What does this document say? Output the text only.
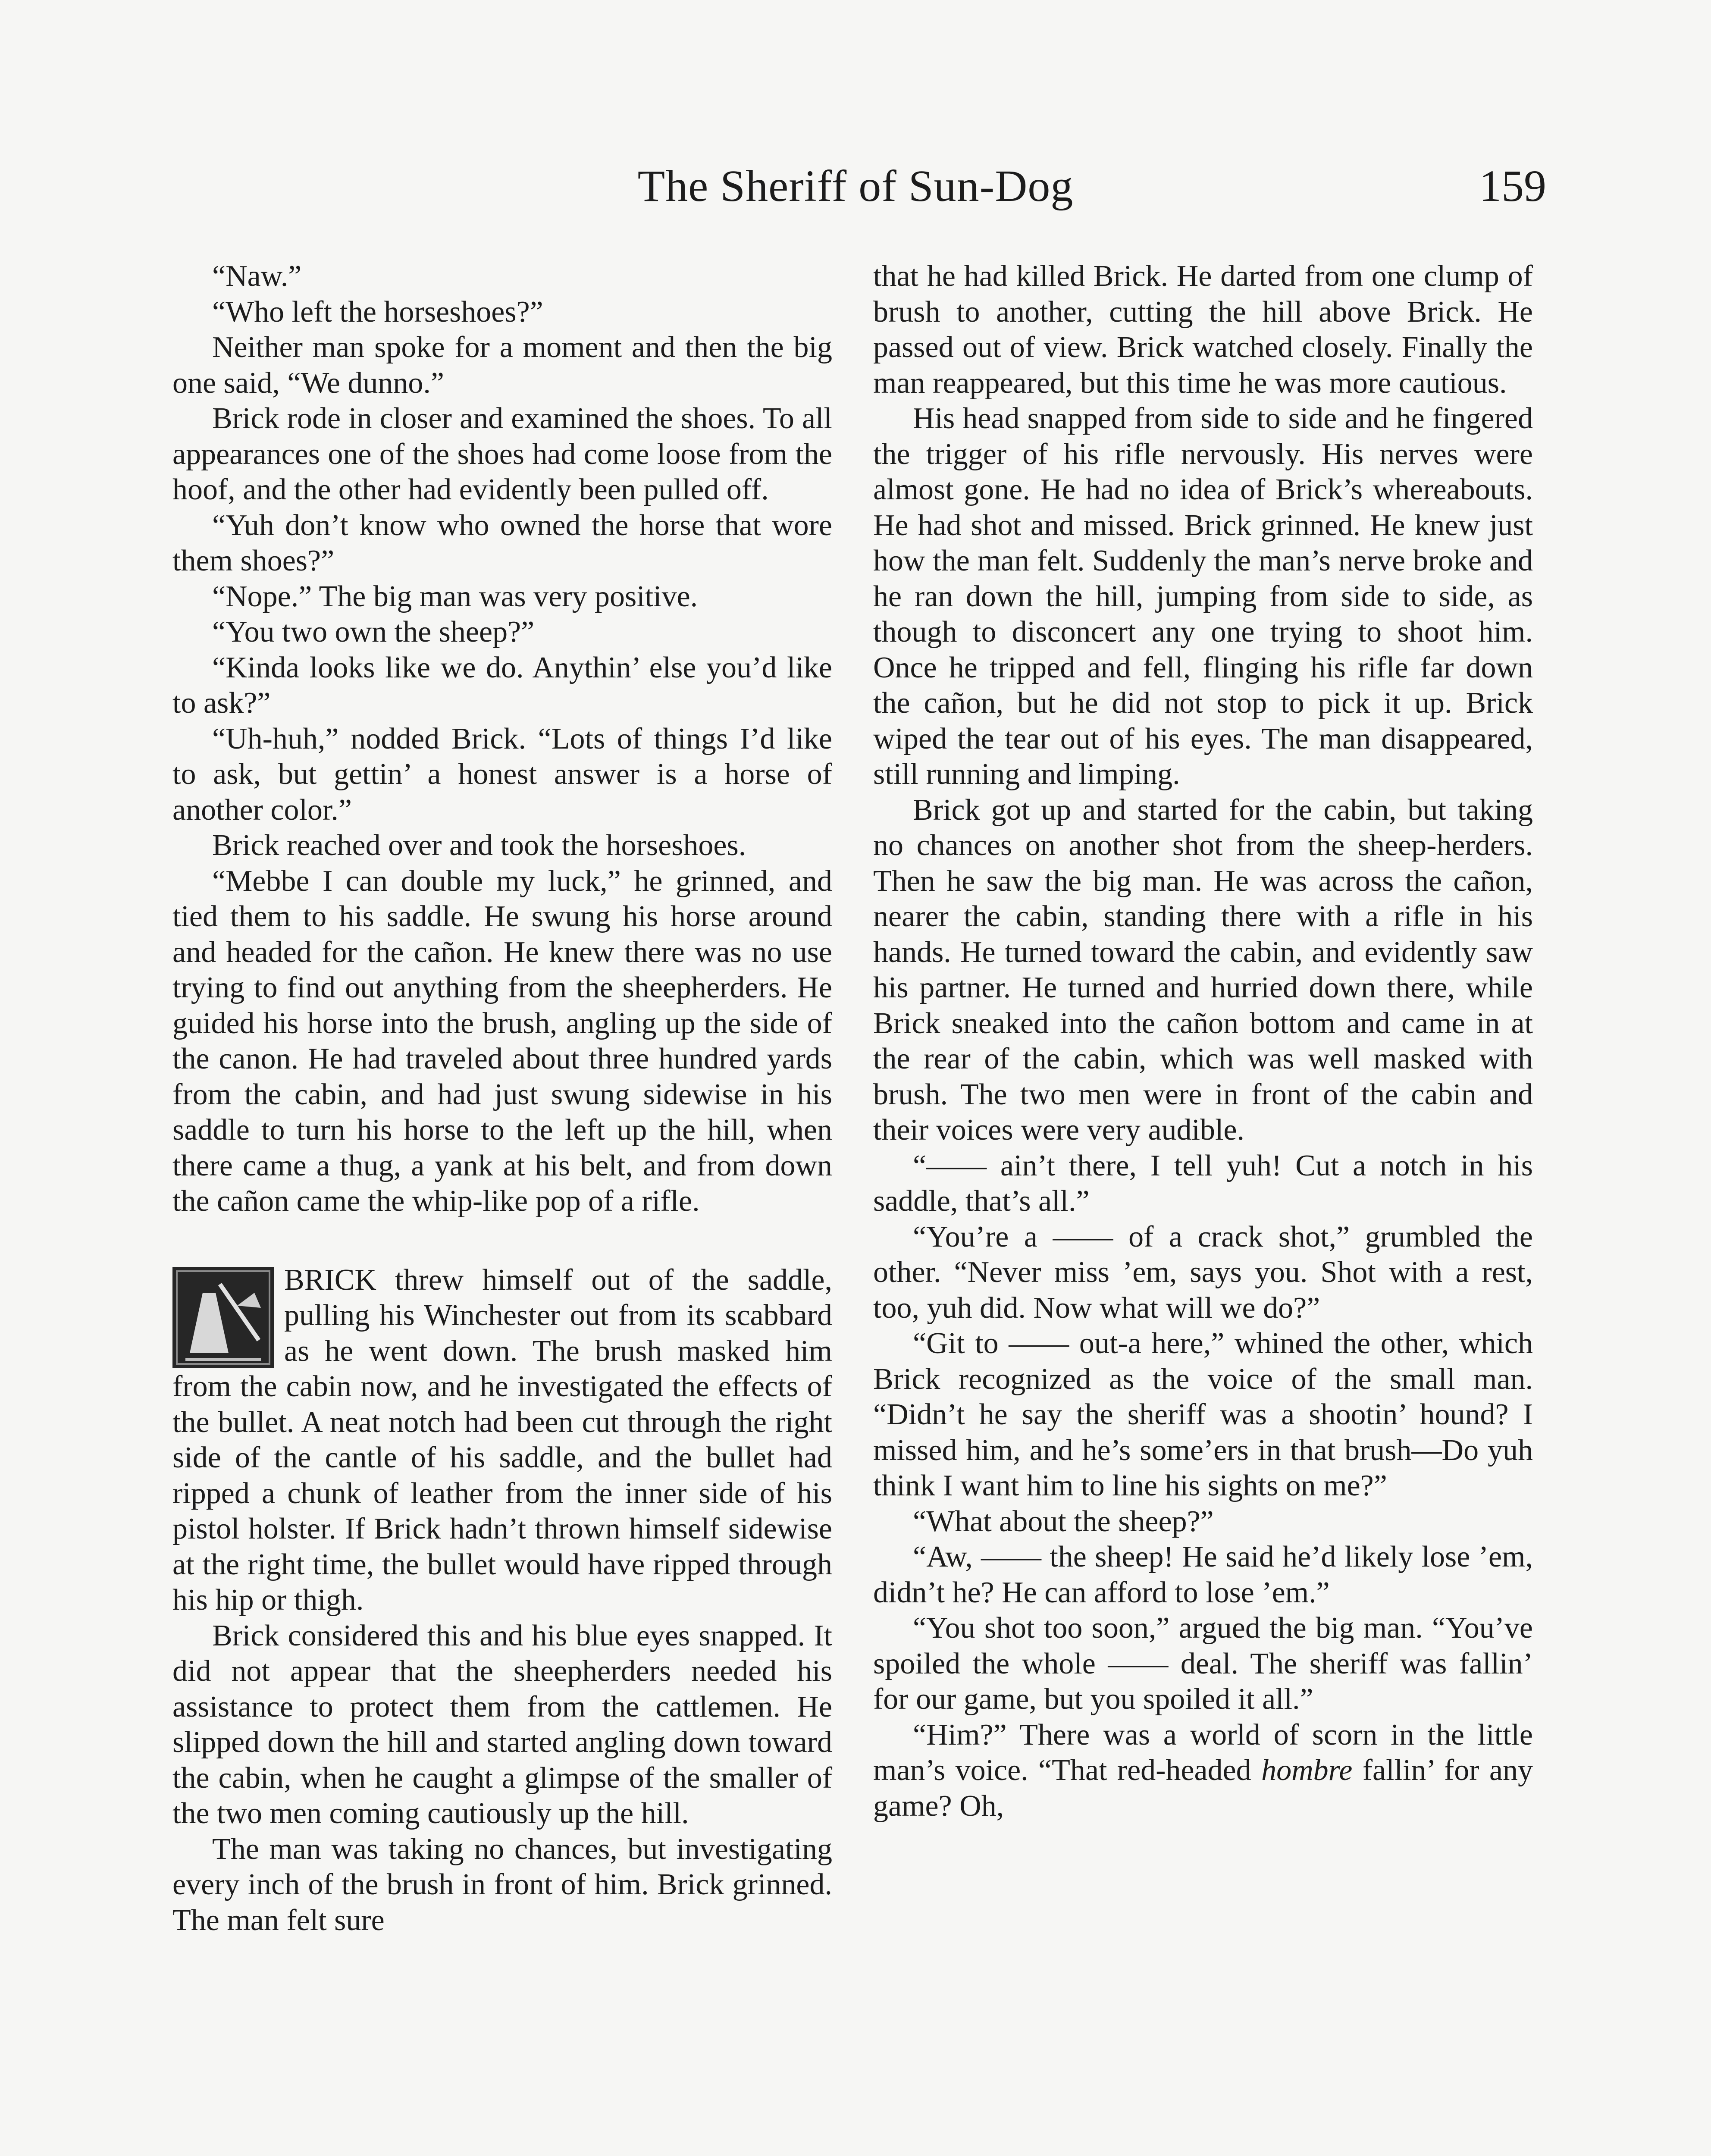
The Sheriff of Sun-Dog	159

“Naw.”

“Who left the horseshoes?”

Neither man spoke for a moment and then the big one said, “We dunno.”

Brick rode in closer and examined the shoes. To all appearances one of the shoes had come loose from the hoof, and the other had evidently been pulled off.

“Yuh don’t know who owned the horse that wore them shoes?”

“Nope.” The big man was very positive.

“You two own the sheep?”

“Kinda looks like we do. Anythin’ else you’d like to ask?”

“Uh-huh,” nodded Brick. “Lots of things I’d like to ask, but gettin’ a honest answer is a horse of another color.”

Brick reached over and took the horseshoes.

“Mebbe I can double my luck,” he grinned, and tied them to his saddle. He swung his horse around and headed for the cañon. He knew there was no use trying to find out anything from the sheepherders. He guided his horse into the brush, angling up the side of the canon. He had traveled about three hundred yards from the cabin, and had just swung sidewise in his saddle to turn his horse to the left up the hill, when there came a thug, a yank at his belt, and from down the cañon came the whip-like pop of a rifle.

BRICK threw himself out of the saddle, pulling his Winchester out from its scabbard as he went down. The brush masked him from the cabin now, and he investigated the effects of the bullet. A neat notch had been cut through the right side of the cantle of his saddle, and the bullet had ripped a chunk of leather from the inner side of his pistol holster. If Brick hadn’t thrown himself sidewise at the right time, the bullet would have ripped through his hip or thigh.

Brick considered this and his blue eyes snapped. It did not appear that the sheepherders needed his assistance to protect them from the cattlemen. He slipped down the hill and started angling down toward the cabin, when he caught a glimpse of the smaller of the two men coming cautiously up the hill.

The man was taking no chances, but investigating every inch of the brush in front of him. Brick grinned. The man felt sure

that he had killed Brick. He darted from one clump of brush to another, cutting the hill above Brick. He passed out of view. Brick watched closely. Finally the man reappeared, but this time he was more cautious.

His head snapped from side to side and he fingered the trigger of his rifle nervously. His nerves were almost gone. He had no idea of Brick’s whereabouts. He had shot and missed. Brick grinned. He knew just how the man felt. Suddenly the man’s nerve broke and he ran down the hill, jumping from side to side, as though to disconcert any one trying to shoot him. Once he tripped and fell, flinging his rifle far down the cañon, but he did not stop to pick it up. Brick wiped the tear out of his eyes. The man disappeared, still running and limping.

Brick got up and started for the cabin, but taking no chances on another shot from the sheep-herders. Then he saw the big man. He was across the cañon, nearer the cabin, standing there with a rifle in his hands. He turned toward the cabin, and evidently saw his partner. He turned and hurried down there, while Brick sneaked into the cañon bottom and came in at the rear of the cabin, which was well masked with brush. The two men were in front of the cabin and their voices were very audible.

“—— ain’t there, I tell yuh! Cut a notch in his saddle, that’s all.”

“You’re a —— of a crack shot,” grumbled the other. “Never miss ’em, says you. Shot with a rest, too, yuh did. Now what will we do?”

“Git to —— out-a here,” whined the other, which Brick recognized as the voice of the small man. “Didn’t he say the sheriff was a shootin’ hound? I missed him, and he’s some’ers in that brush—Do yuh think I want him to line his sights on me?”

“What about the sheep?”

“Aw, —— the sheep! He said he’d likely lose ’em, didn’t he? He can afford to lose ’em.”

“You shot too soon,” argued the big man. “You’ve spoiled the whole —— deal. The sheriff was fallin’ for our game, but you spoiled it all.”

“Him?” There was a world of scorn in the little man’s voice. “That red-headed hombre fallin’ for any game? Oh,
